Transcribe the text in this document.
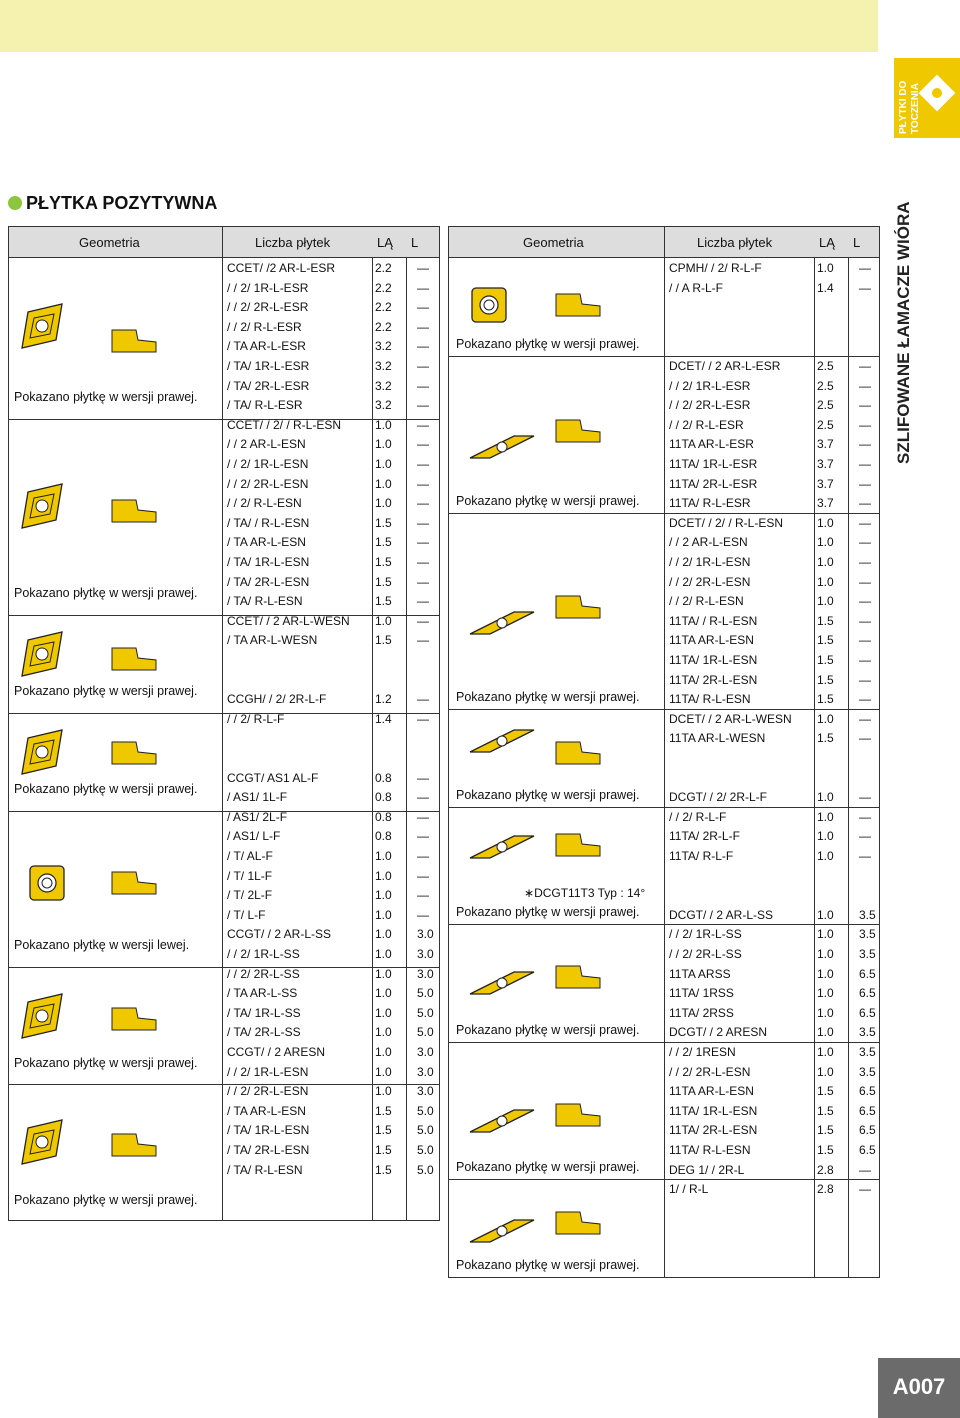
PŁYTKI DO TOCZENIA
SZLIFOWANE ŁAMACZE WIÓRA
PŁYTKA POZYTYWNA
Geometria	Liczba płytek	LĄ L
CCET/ /2 AR-L-ESR	2.2 —
/ / 2/ 1R-L-ESR	2.2 —
/ / 2/ 2R-L-ESR	2.2 —
/ / 2/ R-L-ESR	2.2 —
/ TA AR-L-ESR	3.2 —
/ TA/ 1R-L-ESR	3.2 —
/ TA/ 2R-L-ESR	3.2 —
/ TA/ R-L-ESR	3.2 —
CCET/ / 2/ / R-L-ESN	1.0 —
/ / 2 AR-L-ESN	1.0 —
/ / 2/ 1R-L-ESN	1.0 —
/ / 2/ 2R-L-ESN	1.0 —
/ / 2/ R-L-ESN	1.0 —
/ TA/ / R-L-ESN	1.5 —
/ TA AR-L-ESN	1.5 —
/ TA/ 1R-L-ESN	1.5 —
/ TA/ 2R-L-ESN	1.5 —
/ TA/ R-L-ESN	1.5 —
CCET/ / 2 AR-L-WESN 1.0 —
/ TA AR-L-WESN	1.5 —
CCGH/ / 2/ 2R-L-F	1.2 —
/ / 2/ R-L-F	1.4 —
CCGT/ AS1 AL-F	0.8 —
/ AS1/ 1L-F	0.8 —
/ AS1/ 2L-F	0.8 —
/ AS1/ L-F	0.8 —
/ T/ AL-F	1.0 —
/ T/ 1L-F	1.0 —
/ T/ 2L-F	1.0 —
/ T/ L-F	1.0 —
CCGT/ / 2 AR-L-SS	1.0 3.0
/ / 2/ 1R-L-SS	1.0 3.0
/ / 2/ 2R-L-SS	1.0 3.0
/ TA AR-L-SS	1.0 5.0
/ TA/ 1R-L-SS	1.0 5.0
/ TA/ 2R-L-SS	1.0 5.0
CCGT/ / 2 ARESN	1.0 3.0
/ / 2/ 1R-L-ESN	1.0 3.0
/ / 2/ 2R-L-ESN	1.0 3.0
/ TA AR-L-ESN	1.5 5.0
/ TA/ 1R-L-ESN	1.5 5.0
/ TA/ 2R-L-ESN	1.5 5.0
/ TA/ R-L-ESN	1.5 5.0
Geometria	Liczba płytek	LĄ L
CPMH/ / 2/ R-L-F	1.0 —
/ / A R-L-F	1.4 —
DCET/ / 2 AR-L-ESR	2.5 —
/ / 2/ 1R-L-ESR	2.5 —
/ / 2/ 2R-L-ESR	2.5 —
/ / 2/ R-L-ESR	2.5 —
11TA AR-L-ESR	3.7 —
11TA/ 1R-L-ESR	3.7 —
11TA/ 2R-L-ESR	3.7 —
11TA/ R-L-ESR	3.7 —
DCET/ / 2/ / R-L-ESN	1.0 —
/ / 2 AR-L-ESN	1.0 —
/ / 2/ 1R-L-ESN	1.0 —
/ / 2/ 2R-L-ESN	1.0 —
/ / 2/ R-L-ESN	1.0 —
11TA/ / R-L-ESN	1.5 —
11TA AR-L-ESN	1.5 —
11TA/ 1R-L-ESN	1.5 —
11TA/ 2R-L-ESN	1.5 —
11TA/ R-L-ESN	1.5 —
DCET/ / 2 AR-L-WESN 1.0 —
11TA AR-L-WESN	1.5 —
DCGT/ / 2/ 2R-L-F	1.0 —
/ / 2/ R-L-F	1.0 —
11TA/ 2R-L-F	1.0 —
11TA/ R-L-F	1.0 —
DCGT/ / 2 AR-L-SS	1.0 3.5
/ / 2/ 1R-L-SS	1.0 3.5
/ / 2/ 2R-L-SS	1.0 3.5
11TA ARSS	1.0 6.5
11TA/ 1RSS	1.0 6.5
11TA/ 2RSS	1.0 6.5
DCGT/ / 2 ARESN	1.0 3.5
/ / 2/ 1RESN	1.0 3.5
/ / 2/ 2R-L-ESN	1.0 3.5
11TA AR-L-ESN	1.5 6.5
11TA/ 1R-L-ESN	1.5 6.5
11TA/ 2R-L-ESN	1.5 6.5
11TA/ R-L-ESN	1.5 6.5
DEG 1/ / 2R-L	2.8 —
1/ / R-L	2.8 —
Pokazano płytkę w wersji prawej.
Pokazano płytkę w wersji prawej.
Pokazano płytkę w wersji prawej.
Pokazano płytkę w wersji prawej.
Pokazano płytkę w wersji lewej.
Pokazano płytkę w wersji prawej.
Pokazano płytkę w wersji prawej.
Pokazano płytkę w wersji prawej.
Pokazano płytkę w wersji prawej.
Pokazano płytkę w wersji prawej.
Pokazano płytkę w wersji prawej.
Pokazano płytkę w wersji prawej.
Pokazano płytkę w wersji prawej.
Pokazano płytkę w wersji prawej.
Pokazano płytkę w wersji prawej.
∗DCGT11T3 Typ : 14°
A007
